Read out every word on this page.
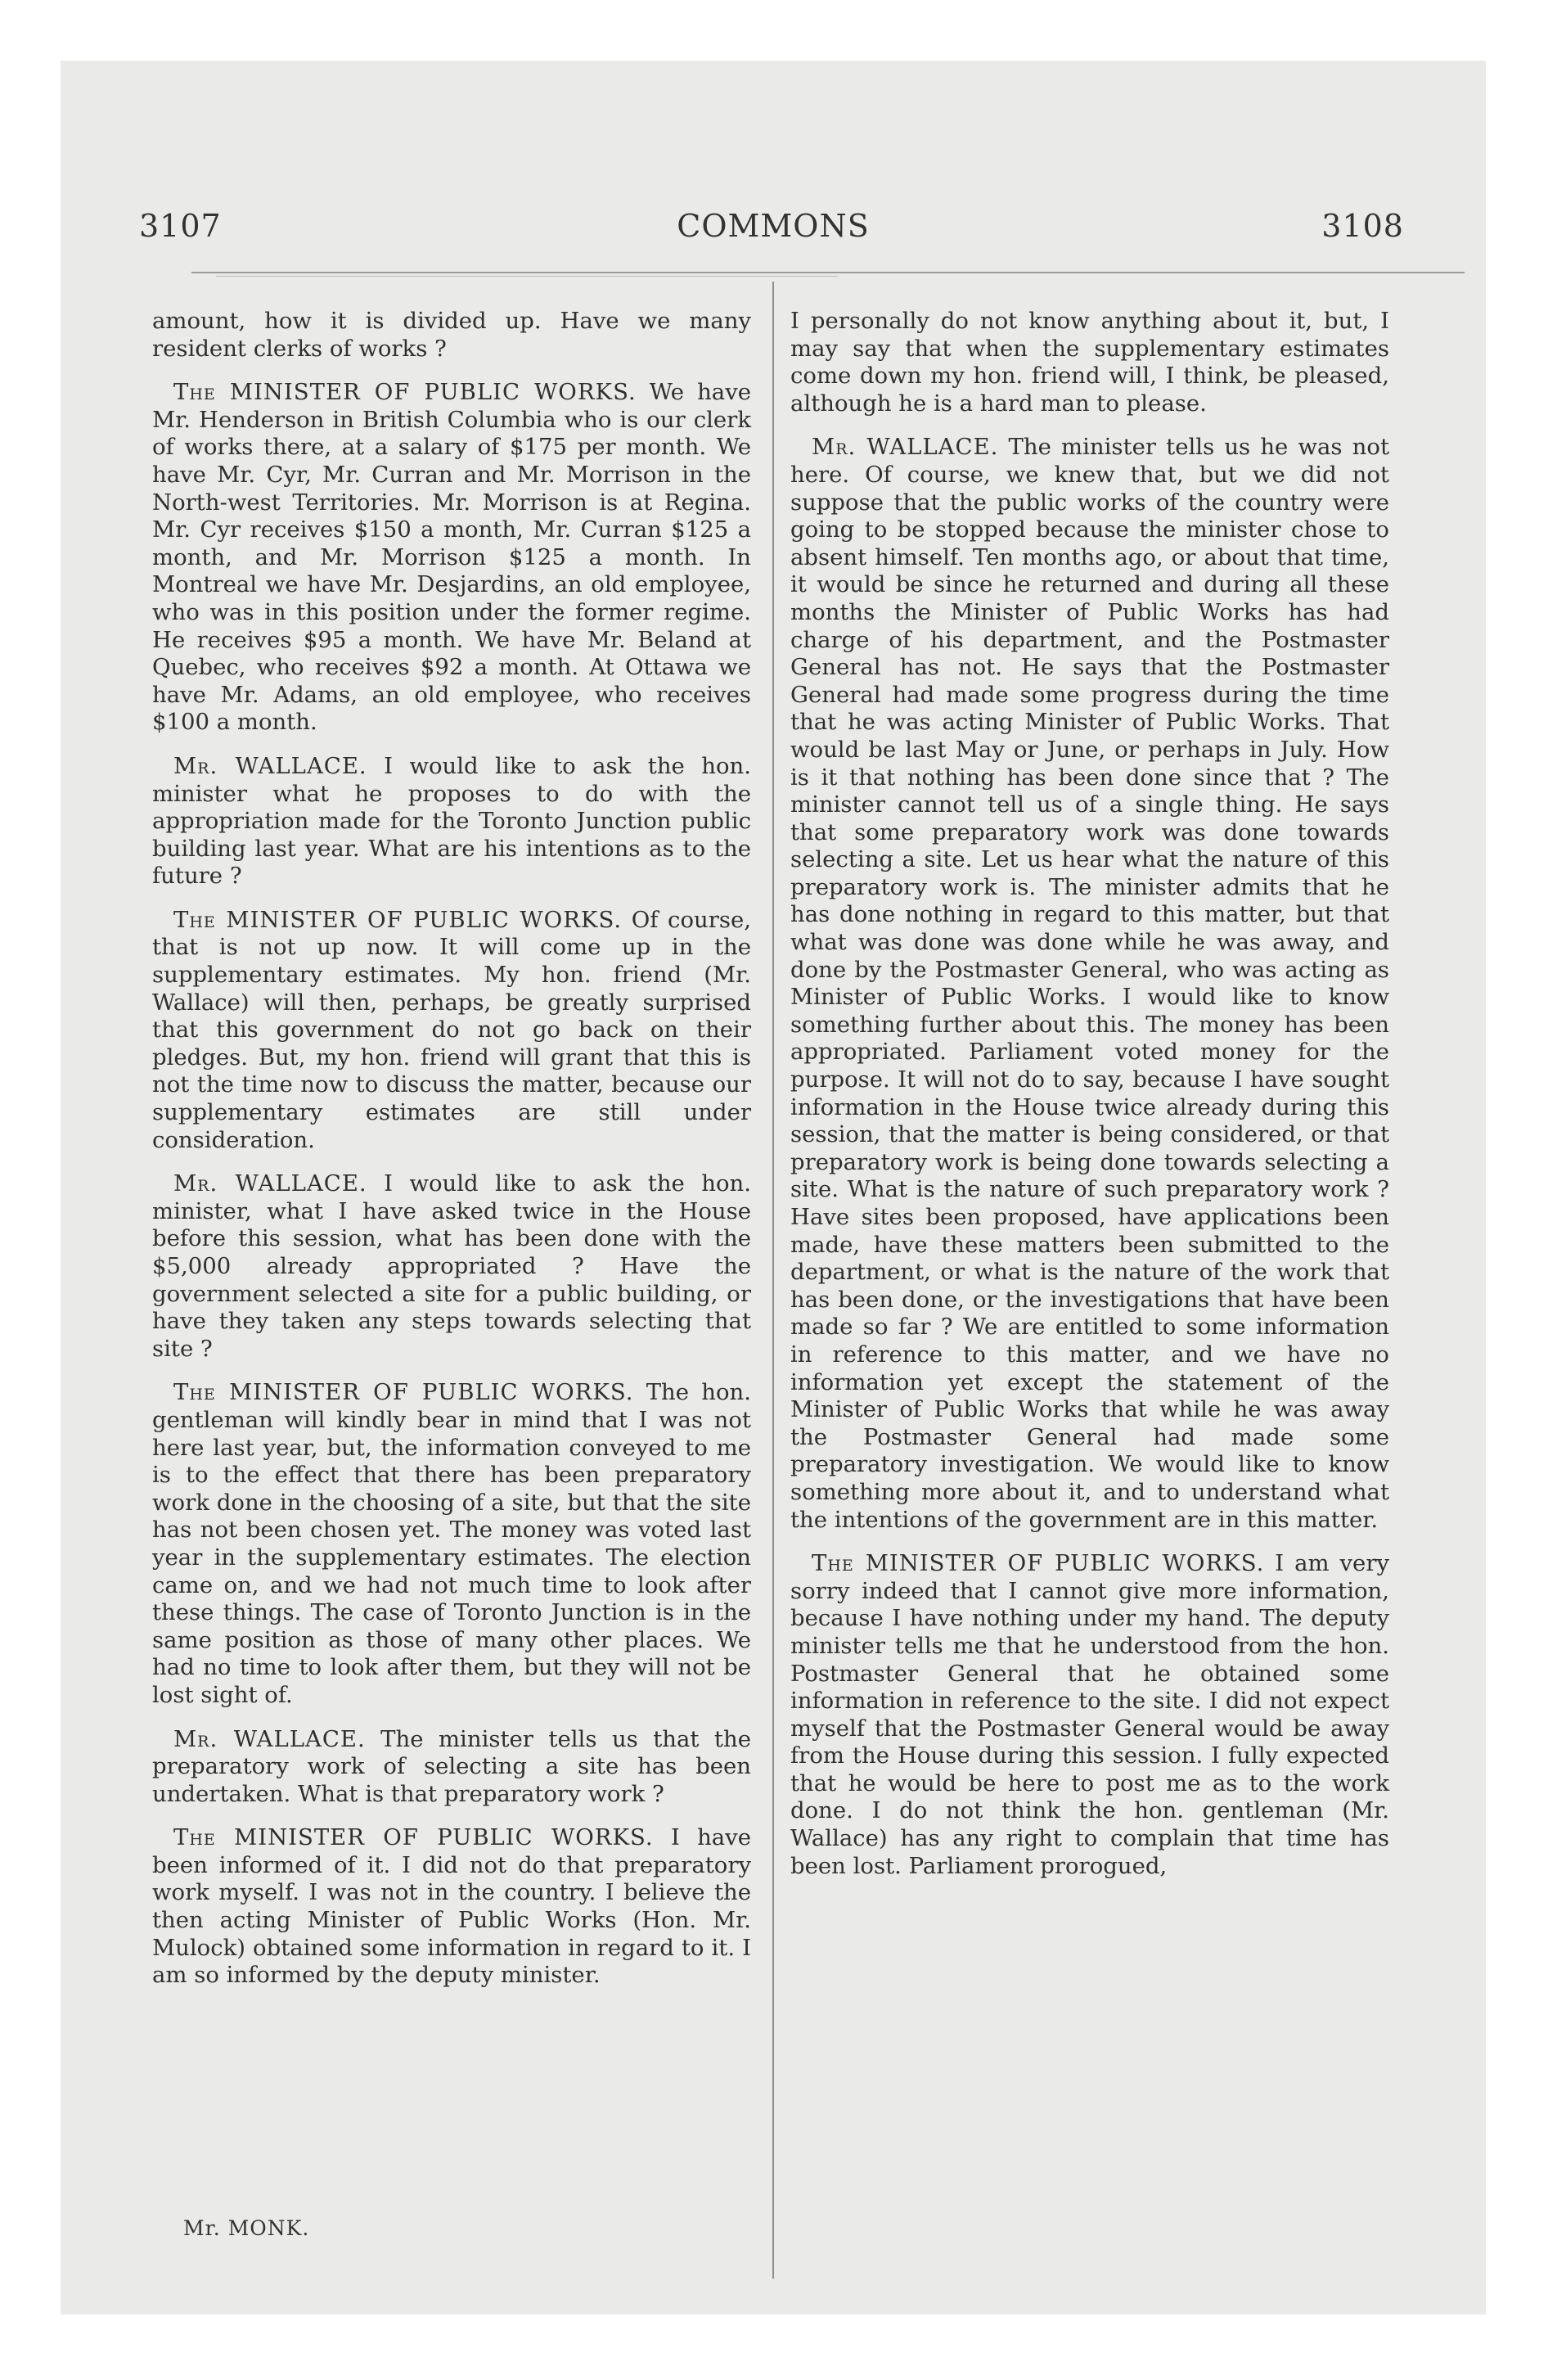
3107	COMMONS	3108

amount, how it is divided up. Have we many resident clerks of works ?

The MINISTER OF PUBLIC WORKS. We have Mr. Henderson in British Columbia who is our clerk of works there, at a salary of $175 per month. We have Mr. Cyr, Mr. Curran and Mr. Morrison in the North-west Territories. Mr. Morrison is at Regina. Mr. Cyr receives $150 a month, Mr. Curran $125 a month, and Mr. Morrison $125 a month. In Montreal we have Mr. Desjardins, an old employee, who was in this position under the former regime. He receives $95 a month. We have Mr. Beland at Quebec, who receives $92 a month. At Ottawa we have Mr. Adams, an old employee, who receives $100 a month.

Mr. WALLACE. I would like to ask the hon. minister what he proposes to do with the appropriation made for the Toronto Junction public building last year. What are his intentions as to the future ?

The MINISTER OF PUBLIC WORKS. Of course, that is not up now. It will come up in the supplementary estimates. My hon. friend (Mr. Wallace) will then, perhaps, be greatly surprised that this government do not go back on their pledges. But, my hon. friend will grant that this is not the time now to discuss the matter, because our supplementary estimates are still under consideration.

Mr. WALLACE. I would like to ask the hon. minister, what I have asked twice in the House before this session, what has been done with the $5,000 already appropriated ? Have the government selected a site for a public building, or have they taken any steps towards selecting that site ?

The MINISTER OF PUBLIC WORKS. The hon. gentleman will kindly bear in mind that I was not here last year, but, the information conveyed to me is to the effect that there has been preparatory work done in the choosing of a site, but that the site has not been chosen yet. The money was voted last year in the supplementary estimates. The election came on, and we had not much time to look after these things. The case of Toronto Junction is in the same position as those of many other places. We had no time to look after them, but they will not be lost sight of.

Mr. WALLACE. The minister tells us that the preparatory work of selecting a site has been undertaken. What is that preparatory work ?

The MINISTER OF PUBLIC WORKS. I have been informed of it. I did not do that preparatory work myself. I was not in the country. I believe the then acting Minister of Public Works (Hon. Mr. Mulock) obtained some information in regard to it. I am so informed by the deputy minister.

I personally do not know anything about it, but, I may say that when the supplementary estimates come down my hon. friend will, I think, be pleased, although he is a hard man to please.

Mr. WALLACE. The minister tells us he was not here. Of course, we knew that, but we did not suppose that the public works of the country were going to be stopped because the minister chose to absent himself. Ten months ago, or about that time, it would be since he returned and during all these months the Minister of Public Works has had charge of his department, and the Postmaster General has not. He says that the Postmaster General had made some progress during the time that he was acting Minister of Public Works. That would be last May or June, or perhaps in July. How is it that nothing has been done since that ? The minister cannot tell us of a single thing. He says that some preparatory work was done towards selecting a site. Let us hear what the nature of this preparatory work is. The minister admits that he has done nothing in regard to this matter, but that what was done was done while he was away, and done by the Postmaster General, who was acting as Minister of Public Works. I would like to know something further about this. The money has been appropriated. Parliament voted money for the purpose. It will not do to say, because I have sought information in the House twice already during this session, that the matter is being considered, or that preparatory work is being done towards selecting a site. What is the nature of such preparatory work ? Have sites been proposed, have applications been made, have these matters been submitted to the department, or what is the nature of the work that has been done, or the investigations that have been made so far ? We are entitled to some information in reference to this matter, and we have no information yet except the statement of the Minister of Public Works that while he was away the Postmaster General had made some preparatory investigation. We would like to know something more about it, and to understand what the intentions of the government are in this matter.

The MINISTER OF PUBLIC WORKS. I am very sorry indeed that I cannot give more information, because I have nothing under my hand. The deputy minister tells me that he understood from the hon. Postmaster General that he obtained some information in reference to the site. I did not expect myself that the Postmaster General would be away from the House during this session. I fully expected that he would be here to post me as to the work done. I do not think the hon. gentleman (Mr. Wallace) has any right to complain that time has been lost. Parliament prorogued,

Mr. MONK.
